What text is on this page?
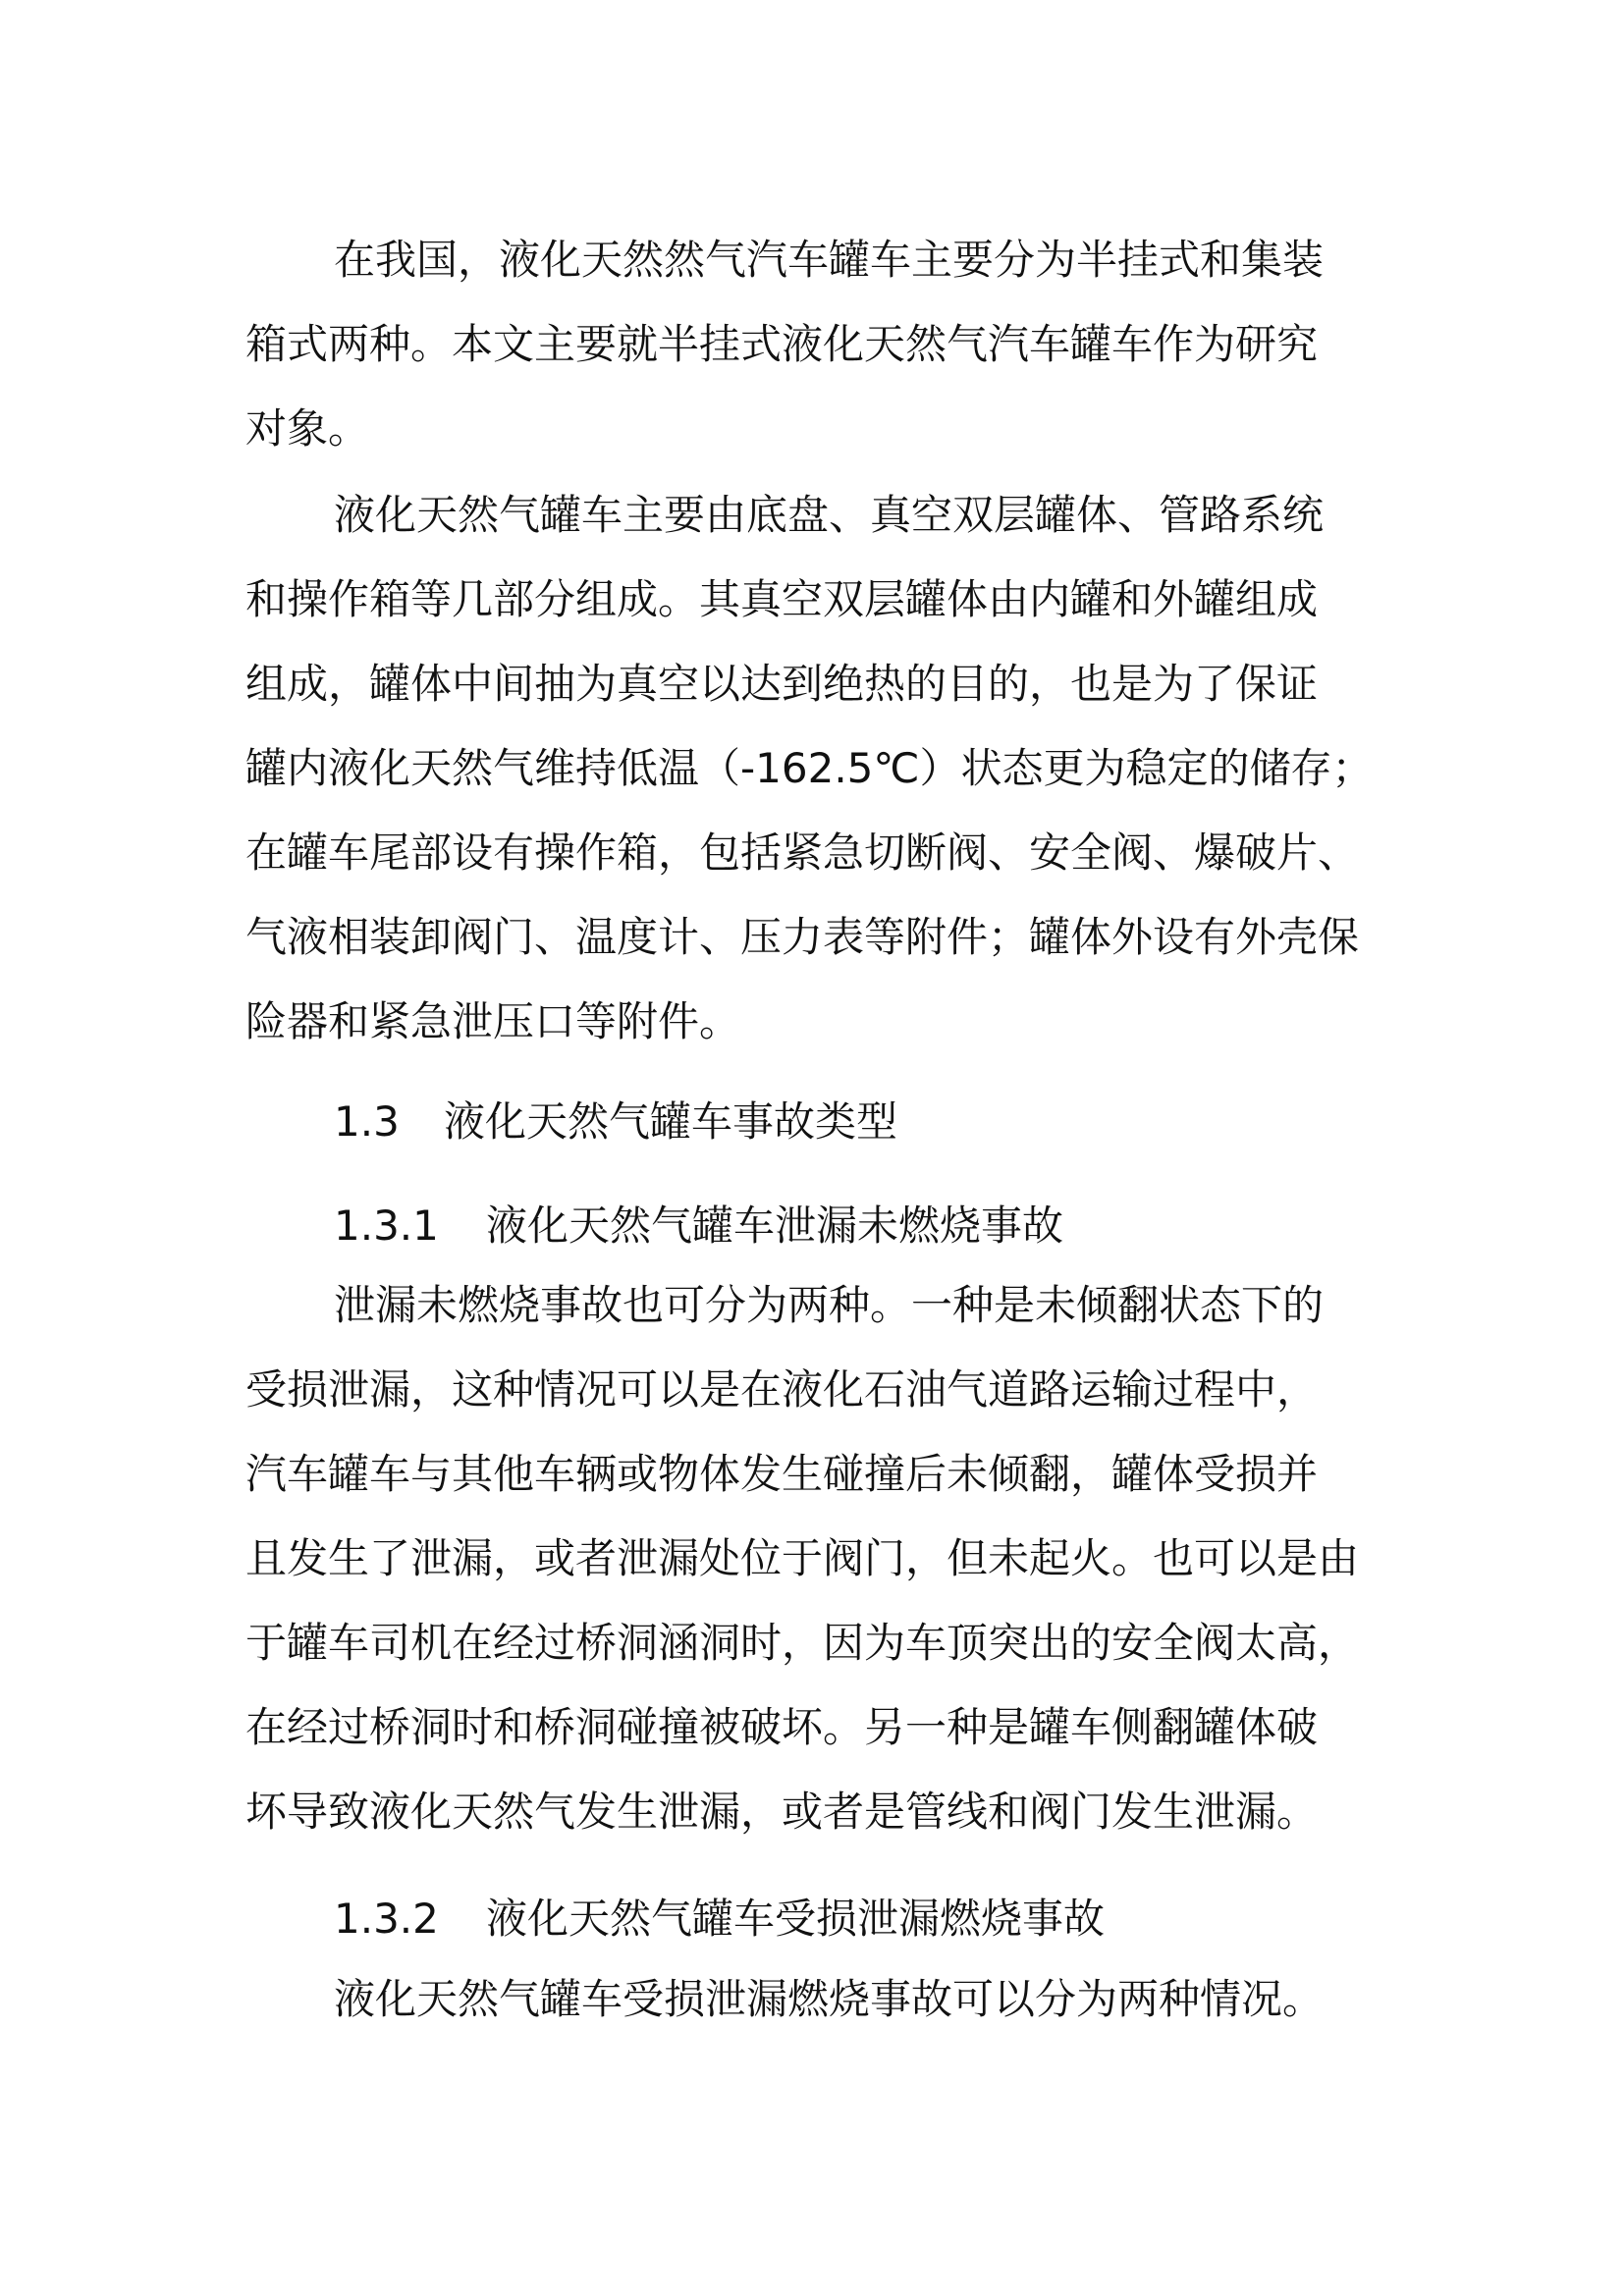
在我国，液化天然然气汽车罐车主要分为半挂式和集装
箱式两种。本文主要就半挂式液化天然气汽车罐车作为研究
对象。
液化天然气罐车主要由底盘、真空双层罐体、管路系统
和操作箱等几部分组成。其真空双层罐体由内罐和外罐组成
组成，罐体中间抽为真空以达到绝热的目的，也是为了保证
罐内液化天然气维持低温（-162.5℃）状态更为稳定的储存；
在罐车尾部设有操作箱，包括紧急切断阀、安全阀、爆破片、
气液相装卸阀门、温度计、压力表等附件；罐体外设有外壳保
险器和紧急泄压口等附件。
1.3 液化天然气罐车事故类型
1.3.1 液化天然气罐车泄漏未燃烧事故
泄漏未燃烧事故也可分为两种。一种是未倾翻状态下的
受损泄漏，这种情况可以是在液化石油气道路运输过程中，
汽车罐车与其他车辆或物体发生碰撞后未倾翻，罐体受损并
且发生了泄漏，或者泄漏处位于阀门，但未起火。也可以是由
于罐车司机在经过桥洞涵洞时，因为车顶突出的安全阀太高，
在经过桥洞时和桥洞碰撞被破坏。另一种是罐车侧翻罐体破
坏导致液化天然气发生泄漏，或者是管线和阀门发生泄漏。
1.3.2 液化天然气罐车受损泄漏燃烧事故
液化天然气罐车受损泄漏燃烧事故可以分为两种情况。
